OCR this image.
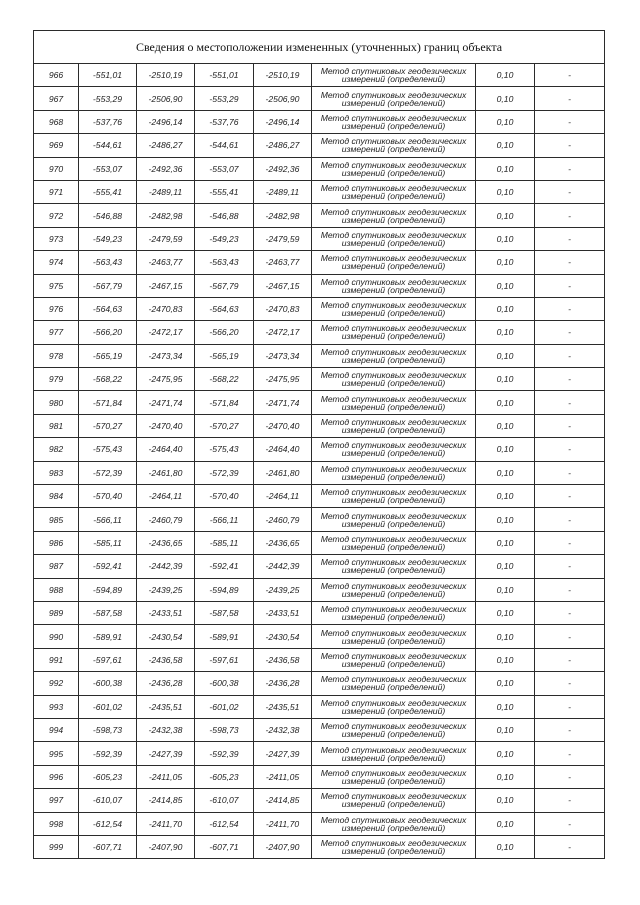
Сведения о местоположении измененных (уточненных) границ объекта							
966	-551,01	-2510,19	-551,01	-2510,19	Метод спутниковых геодезических
измерений (определений)	0,10	-
967	-553,29	-2506,90	-553,29	-2506,90	Метод спутниковых геодезических
измерений (определений)	0,10	-
968	-537,76	-2496,14	-537,76	-2496,14	Метод спутниковых геодезических
измерений (определений)	0,10	-
969	-544,61	-2486,27	-544,61	-2486,27	Метод спутниковых геодезических
измерений (определений)	0,10	-
970	-553,07	-2492,36	-553,07	-2492,36	Метод спутниковых геодезических
измерений (определений)	0,10	-
971	-555,41	-2489,11	-555,41	-2489,11	Метод спутниковых геодезических
измерений (определений)	0,10	-
972	-546,88	-2482,98	-546,88	-2482,98	Метод спутниковых геодезических
измерений (определений)	0,10	-
973	-549,23	-2479,59	-549,23	-2479,59	Метод спутниковых геодезических
измерений (определений)	0,10	-
974	-563,43	-2463,77	-563,43	-2463,77	Метод спутниковых геодезических
измерений (определений)	0,10	-
975	-567,79	-2467,15	-567,79	-2467,15	Метод спутниковых геодезических
измерений (определений)	0,10	-
976	-564,63	-2470,83	-564,63	-2470,83	Метод спутниковых геодезических
измерений (определений)	0,10	-
977	-566,20	-2472,17	-566,20	-2472,17	Метод спутниковых геодезических
измерений (определений)	0,10	-
978	-565,19	-2473,34	-565,19	-2473,34	Метод спутниковых геодезических
измерений (определений)	0,10	-
979	-568,22	-2475,95	-568,22	-2475,95	Метод спутниковых геодезических
измерений (определений)	0,10	-
980	-571,84	-2471,74	-571,84	-2471,74	Метод спутниковых геодезических
измерений (определений)	0,10	-
981	-570,27	-2470,40	-570,27	-2470,40	Метод спутниковых геодезических
измерений (определений)	0,10	-
982	-575,43	-2464,40	-575,43	-2464,40	Метод спутниковых геодезических
измерений (определений)	0,10	-
983	-572,39	-2461,80	-572,39	-2461,80	Метод спутниковых геодезических
измерений (определений)	0,10	-
984	-570,40	-2464,11	-570,40	-2464,11	Метод спутниковых геодезических
измерений (определений)	0,10	-
985	-566,11	-2460,79	-566,11	-2460,79	Метод спутниковых геодезических
измерений (определений)	0,10	-
986	-585,11	-2436,65	-585,11	-2436,65	Метод спутниковых геодезических
измерений (определений)	0,10	-
987	-592,41	-2442,39	-592,41	-2442,39	Метод спутниковых геодезических
измерений (определений)	0,10	-
988	-594,89	-2439,25	-594,89	-2439,25	Метод спутниковых геодезических
измерений (определений)	0,10	-
989	-587,58	-2433,51	-587,58	-2433,51	Метод спутниковых геодезических
измерений (определений)	0,10	-
990	-589,91	-2430,54	-589,91	-2430,54	Метод спутниковых геодезических
измерений (определений)	0,10	-
991	-597,61	-2436,58	-597,61	-2436,58	Метод спутниковых геодезических
измерений (определений)	0,10	-
992	-600,38	-2436,28	-600,38	-2436,28	Метод спутниковых геодезических
измерений (определений)	0,10	-
993	-601,02	-2435,51	-601,02	-2435,51	Метод спутниковых геодезических
измерений (определений)	0,10	-
994	-598,73	-2432,38	-598,73	-2432,38	Метод спутниковых геодезических
измерений (определений)	0,10	-
995	-592,39	-2427,39	-592,39	-2427,39	Метод спутниковых геодезических
измерений (определений)	0,10	-
996	-605,23	-2411,05	-605,23	-2411,05	Метод спутниковых геодезических
измерений (определений)	0,10	-
997	-610,07	-2414,85	-610,07	-2414,85	Метод спутниковых геодезических
измерений (определений)	0,10	-
998	-612,54	-2411,70	-612,54	-2411,70	Метод спутниковых геодезических
измерений (определений)	0,10	-
999	-607,71	-2407,90	-607,71	-2407,90	Метод спутниковых геодезических
измерений (определений)	0,10	-
